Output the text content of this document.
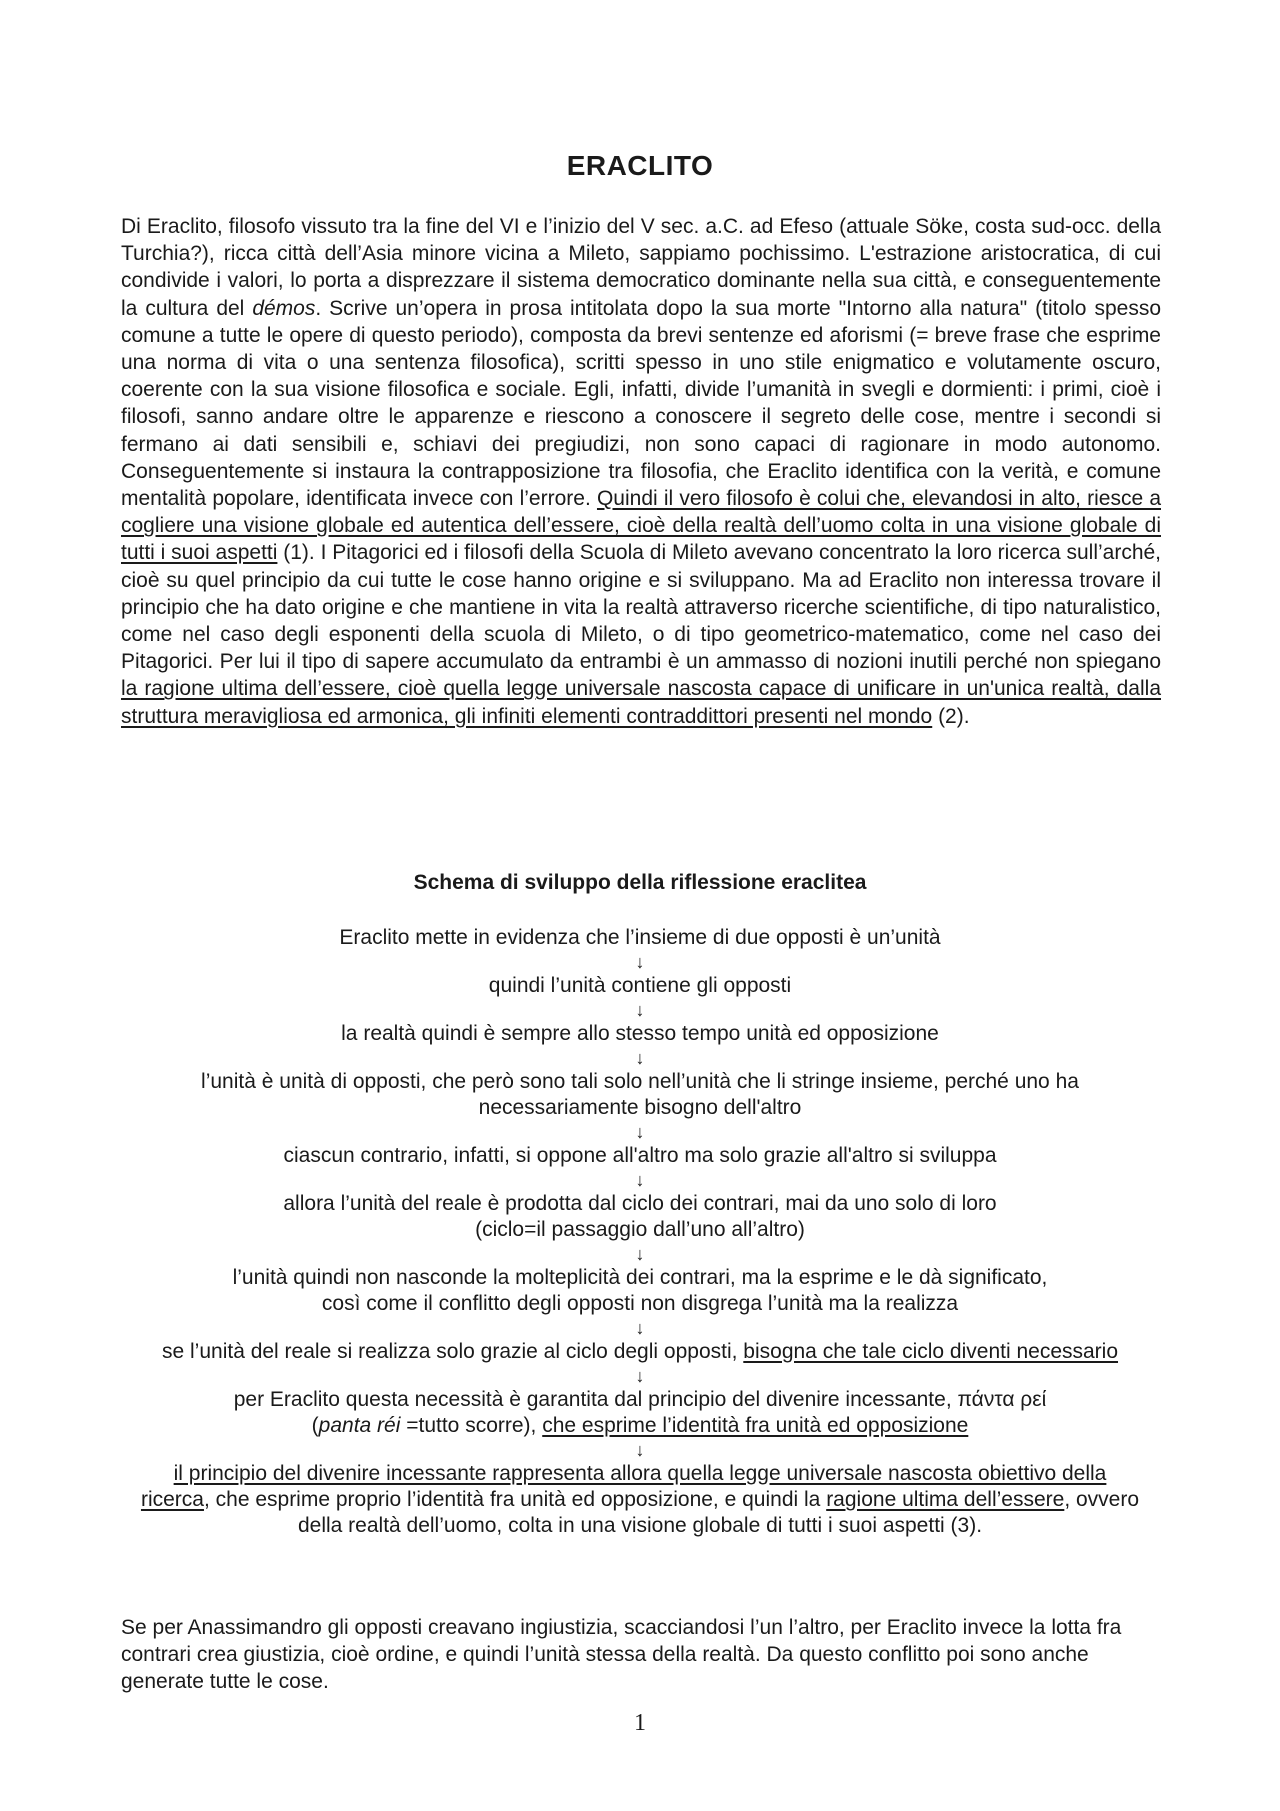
ERACLITO
Di Eraclito, filosofo vissuto tra la fine del VI e l’inizio del V sec. a.C. ad Efeso (attuale Söke, costa sud-occ. della Turchia?), ricca città dell’Asia minore vicina a Mileto, sappiamo pochissimo. L'estrazione aristocratica, di cui condivide i valori, lo porta a disprezzare il sistema democratico dominante nella sua città, e conseguentemente la cultura del démos. Scrive un’opera in prosa intitolata dopo la sua morte "Intorno alla natura" (titolo spesso comune a tutte le opere di questo periodo), composta da brevi sentenze ed aforismi (= breve frase che esprime una norma di vita o una sentenza filosofica), scritti spesso in uno stile enigmatico e volutamente oscuro, coerente con la sua visione filosofica e sociale. Egli, infatti, divide l’umanità in svegli e dormienti: i primi, cioè i filosofi, sanno andare oltre le apparenze e riescono a conoscere il segreto delle cose, mentre i secondi si fermano ai dati sensibili e, schiavi dei pregiudizi, non sono capaci di ragionare in modo autonomo. Conseguentemente si instaura la contrapposizione tra filosofia, che Eraclito identifica con la verità, e comune mentalità popolare, identificata invece con l’errore. Quindi il vero filosofo è colui che, elevandosi in alto, riesce a cogliere una visione globale ed autentica dell’essere, cioè della realtà dell’uomo colta in una visione globale di tutti i suoi aspetti (1). I Pitagorici ed i filosofi della Scuola di Mileto avevano concentrato la loro ricerca sull’arché, cioè su quel principio da cui tutte le cose hanno origine e si sviluppano. Ma ad Eraclito non interessa trovare il principio che ha dato origine e che mantiene in vita la realtà attraverso ricerche scientifiche, di tipo naturalistico, come nel caso degli esponenti della scuola di Mileto, o di tipo geometrico-matematico, come nel caso dei Pitagorici. Per lui il tipo di sapere accumulato da entrambi è un ammasso di nozioni inutili perché non spiegano la ragione ultima dell’essere, cioè quella legge universale nascosta capace di unificare in un'unica realtà, dalla struttura meravigliosa ed armonica, gli infiniti elementi contraddittori presenti nel mondo (2).
Schema di sviluppo della riflessione eraclitea
Eraclito mette in evidenza che l’insieme di due opposti è un’unità
↓
quindi l’unità contiene gli opposti
↓
la realtà quindi è sempre allo stesso tempo unità ed opposizione
↓
l’unità è unità di opposti, che però sono tali solo nell’unità che li stringe insieme, perché uno ha necessariamente bisogno dell'altro
↓
ciascun contrario, infatti, si oppone all'altro ma solo grazie all'altro si sviluppa
↓
allora l’unità del reale è prodotta dal ciclo dei contrari, mai da uno solo di loro
(ciclo=il passaggio dall’uno all’altro)
↓
l’unità quindi non nasconde la molteplicità dei contrari, ma la esprime e le dà significato,
così come il conflitto degli opposti non disgrega l’unità ma la realizza
↓
se l’unità del reale si realizza solo grazie al ciclo degli opposti, bisogna che tale ciclo diventi necessario
↓
per Eraclito questa necessità è garantita dal principio del divenire incessante, πάντα ρεί
(panta réi =tutto scorre), che esprime l’identità fra unità ed opposizione
↓
il principio del divenire incessante rappresenta allora quella legge universale nascosta obiettivo della ricerca, che esprime proprio l’identità fra unità ed opposizione, e quindi la ragione ultima dell’essere, ovvero della realtà dell’uomo, colta in una visione globale di tutti i suoi aspetti (3).
Se per Anassimandro gli opposti creavano ingiustizia, scacciandosi l’un l’altro, per Eraclito invece la lotta fra contrari crea giustizia, cioè ordine, e quindi l’unità stessa della realtà. Da questo conflitto poi sono anche generate tutte le cose.
1
